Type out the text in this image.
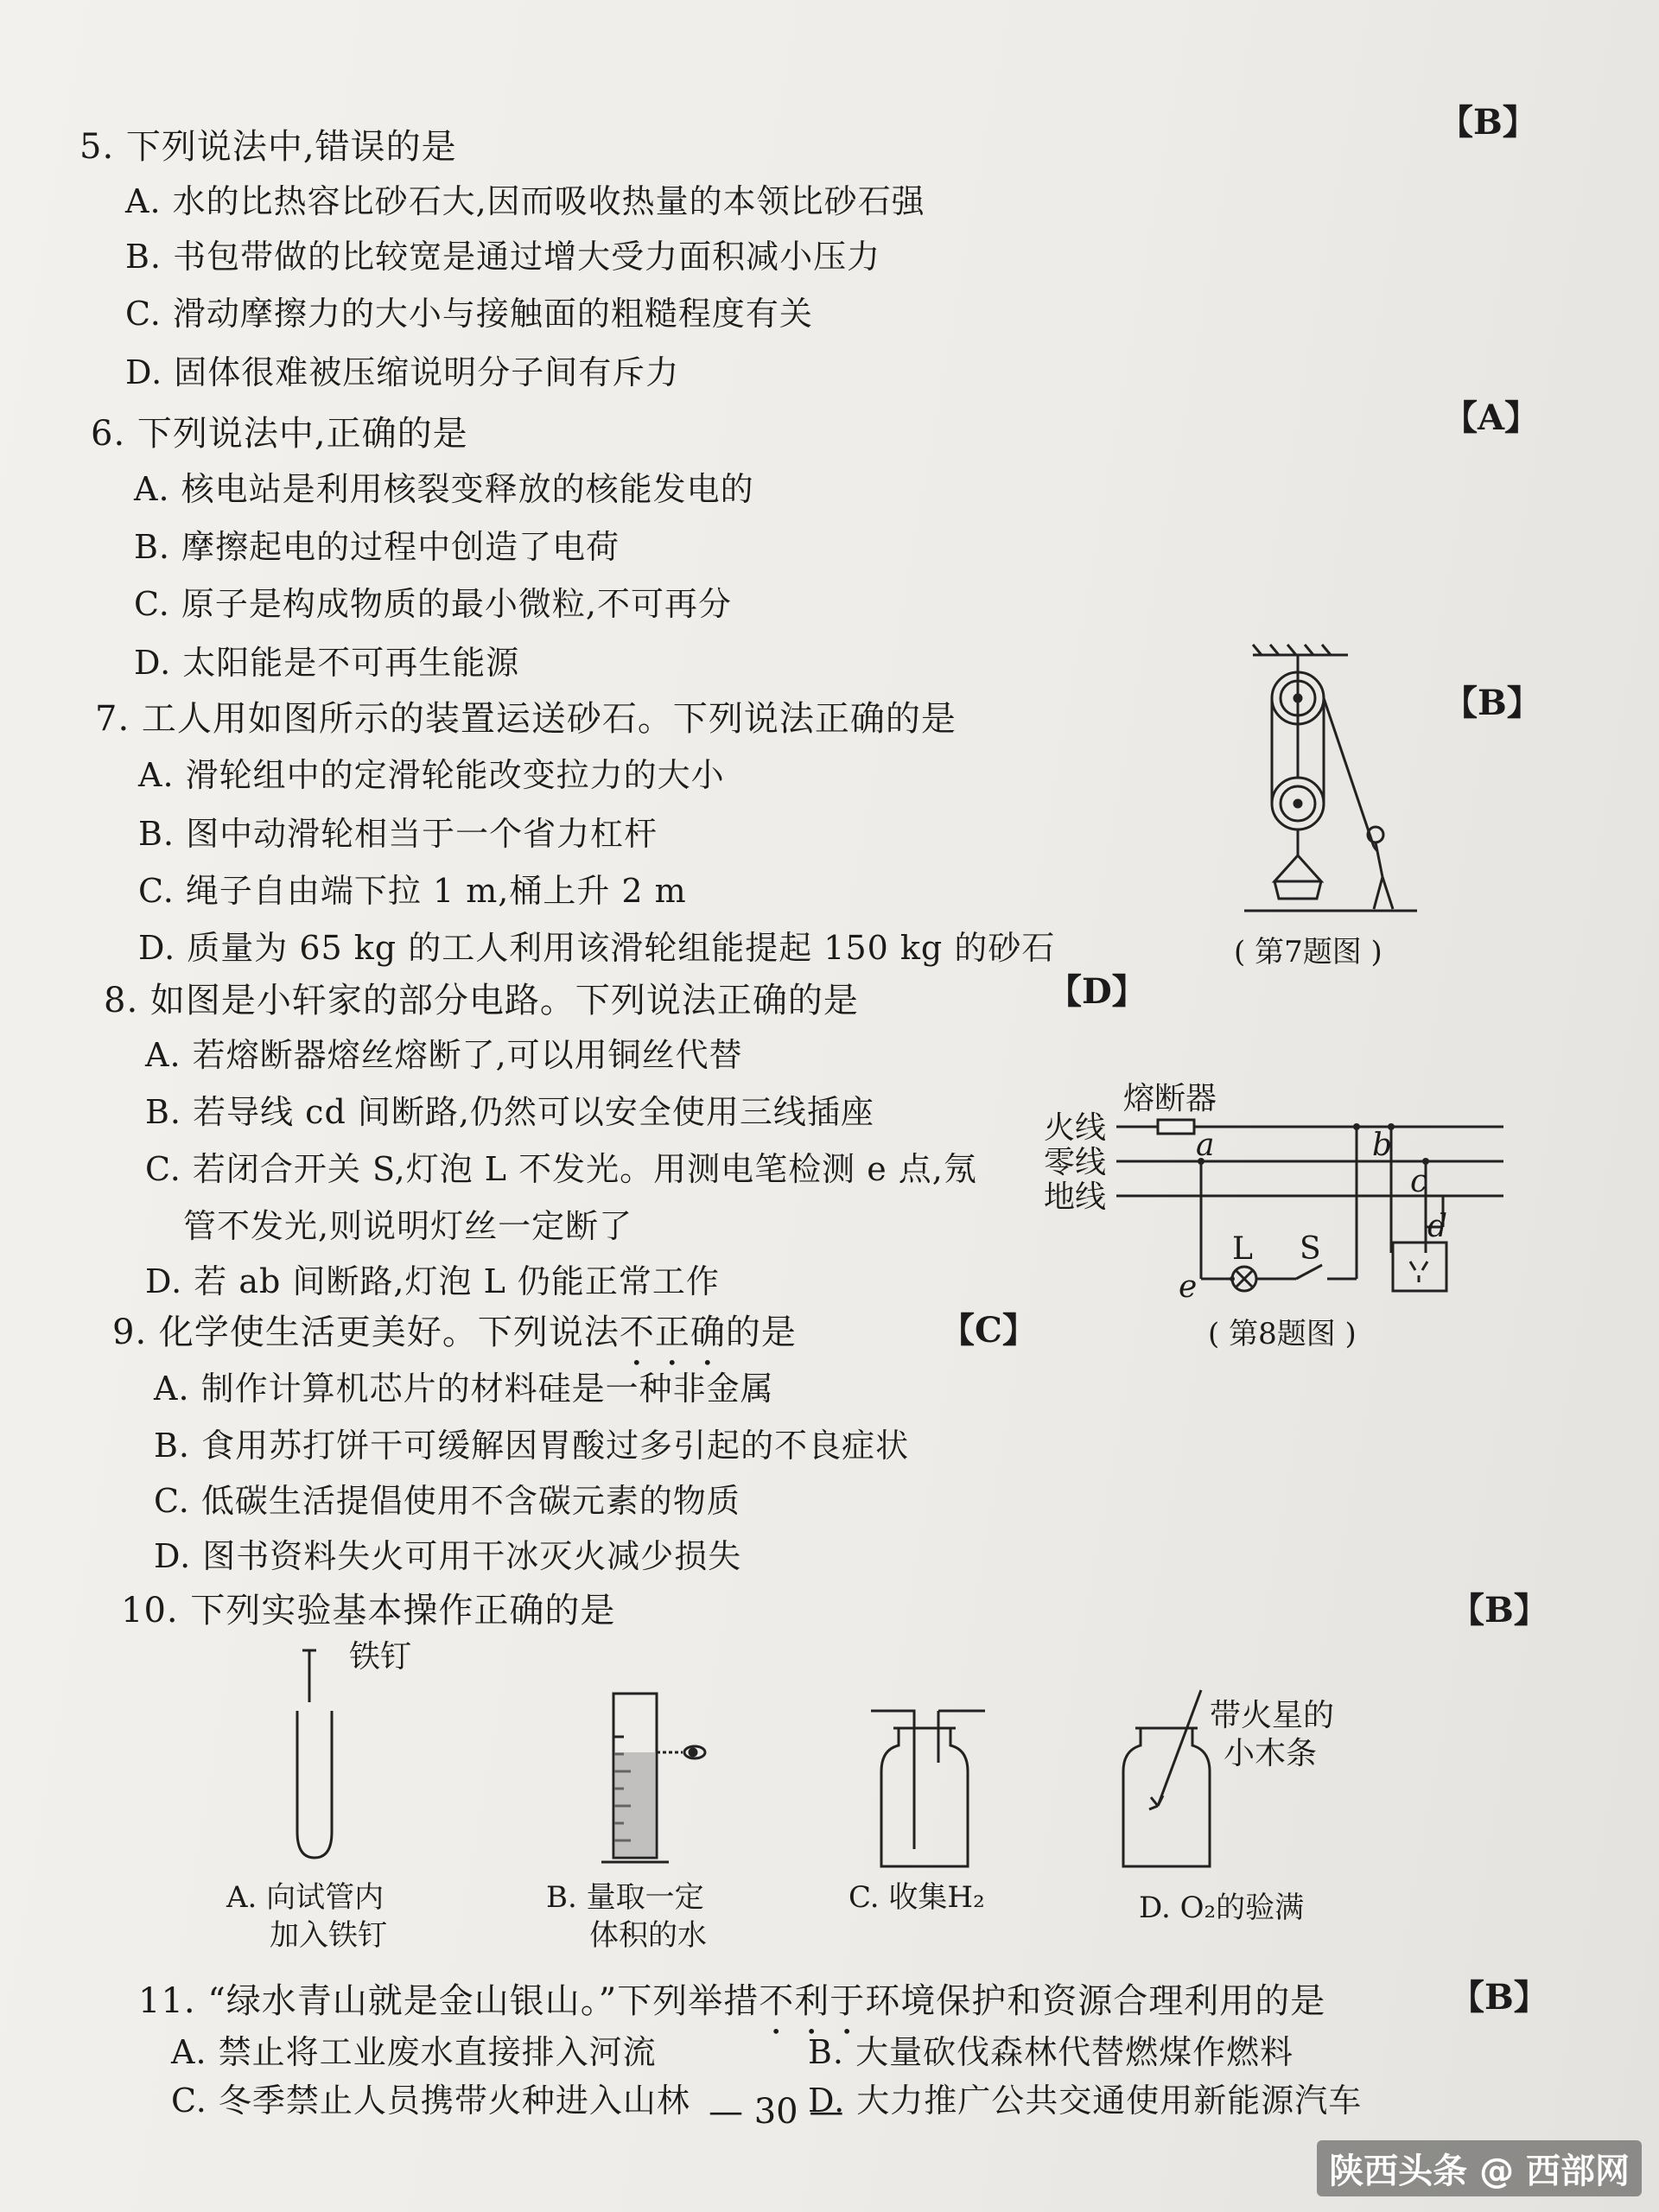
【B】
5. 下列说法中,错误的是
A. 水的比热容比砂石大,因而吸收热量的本领比砂石强
B. 书包带做的比较宽是通过增大受力面积减小压力
C. 滑动摩擦力的大小与接触面的粗糙程度有关
D. 固体很难被压缩说明分子间有斥力
【A】
6. 下列说法中,正确的是
A. 核电站是利用核裂变释放的核能发电的
B. 摩擦起电的过程中创造了电荷
C. 原子是构成物质的最小微粒,不可再分
D. 太阳能是不可再生能源
【B】
7. 工人用如图所示的装置运送砂石。下列说法正确的是
A. 滑轮组中的定滑轮能改变拉力的大小
B. 图中动滑轮相当于一个省力杠杆
C. 绳子自由端下拉 1 m,桶上升 2 m
D. 质量为 65 kg 的工人利用该滑轮组能提起 150 kg 的砂石	( 第7题图 )
【D】
8. 如图是小轩家的部分电路。下列说法正确的是
A. 若熔断器熔丝熔断了,可以用铜丝代替
B. 若导线 cd 间断路,仍然可以安全使用三线插座
C. 若闭合开关 S,灯泡 L 不发光。用测电笔检测 e 点,氖
管不发光,则说明灯丝一定断了
D. 若 ab 间断路,灯泡 L 仍能正常工作
熔断器
火线
零线
地线
a	b
c
d
e
L S
( 第8题图 )
【C】
9. 化学使生活更美好。下列说法不正确的是
A. 制作计算机芯片的材料硅是一种非金属
B. 食用苏打饼干可缓解因胃酸过多引起的不良症状
C. 低碳生活提倡使用不含碳元素的物质
D. 图书资料失火可用干冰灭火减少损失
【B】
10. 下列实验基本操作正确的是
铁钉
带火星的
小木条
A. 向试管内
加入铁钉
B. 量取一定
体积的水
C. 收集H₂	D. O₂的验满
【B】
11. “绿水青山就是金山银山。”下列举措不利于环境保护和资源合理利用的是
A. 禁止将工业废水直接排入河流	B. 大量砍伐森林代替燃煤作燃料
C. 冬季禁止人员携带火种进入山林	D. 大力推广公共交通使用新能源汽车
— 30 —
陕西头条 @ 西部网
